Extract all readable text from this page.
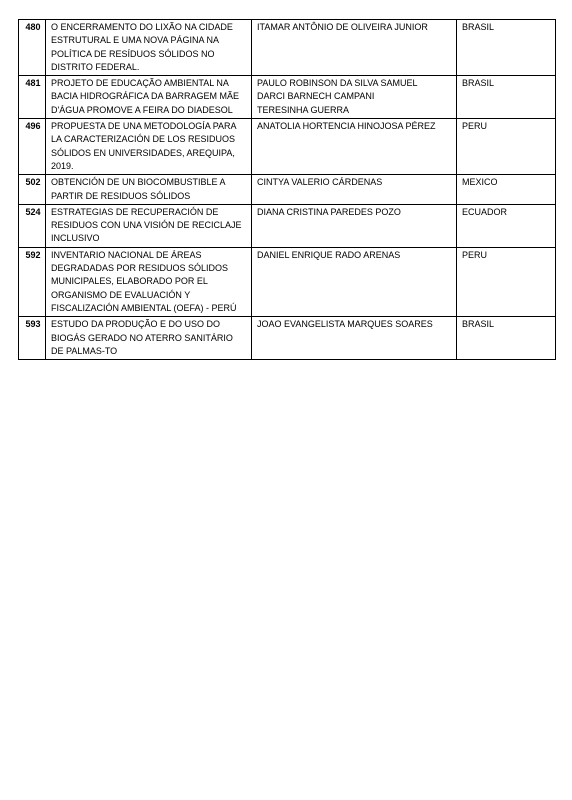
480	O ENCERRAMENTO DO LIXÃO NA CIDADE
ESTRUTURAL E UMA NOVA PÁGINA NA
POLÍTICA DE RESÍDUOS SÓLIDOS NO
DISTRITO FEDERAL.	ITAMAR ANTÔNIO DE OLIVEIRA JUNIOR	BRASIL
481	PROJETO DE EDUCAÇÃO AMBIENTAL NA
BACIA HIDROGRÁFICA DA BARRAGEM MÃE
D'ÁGUA PROMOVE A FEIRA DO DIADESOL	PAULO ROBINSON DA SILVA SAMUEL
DARCI BARNECH CAMPANI
TERESINHA GUERRA	BRASIL
496	PROPUESTA DE UNA METODOLOGÍA PARA
LA CARACTERIZACIÓN DE LOS RESIDUOS
SÓLIDOS EN UNIVERSIDADES, AREQUIPA,
2019.	ANATOLIA HORTENCIA HINOJOSA PÉREZ	PERU
502	OBTENCIÓN DE UN BIOCOMBUSTIBLE A
PARTIR DE RESIDUOS SÓLIDOS	CINTYA VALERIO CÁRDENAS	MEXICO
524	ESTRATEGIAS DE RECUPERACIÓN DE
RESIDUOS CON UNA VISIÓN DE RECICLAJE
INCLUSIVO	DIANA CRISTINA PAREDES POZO	ECUADOR
592	INVENTARIO NACIONAL DE ÁREAS
DEGRADADAS POR RESIDUOS SÓLIDOS
MUNICIPALES, ELABORADO POR EL
ORGANISMO DE EVALUACIÓN Y
FISCALIZACIÓN AMBIENTAL (OEFA) - PERÚ	DANIEL ENRIQUE RADO ARENAS	PERU
593	ESTUDO DA PRODUÇÃO E DO USO DO
BIOGÁS GERADO NO ATERRO SANITÁRIO
DE PALMAS-TO	JOAO EVANGELISTA MARQUES SOARES	BRASIL
